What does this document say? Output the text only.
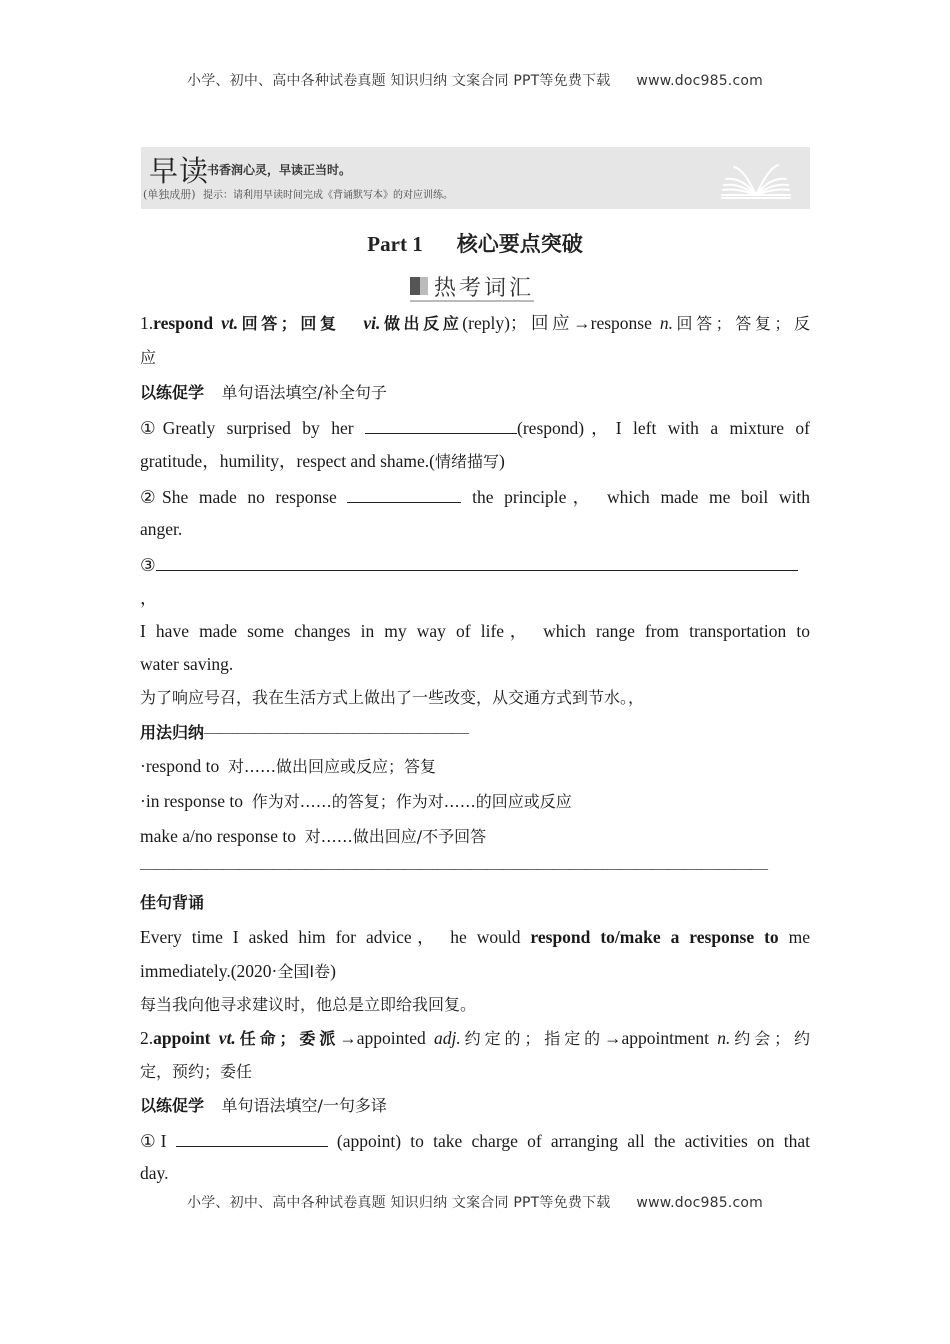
小学、初中、高中各种试卷真题 知识归纳 文案合同 PPT等免费下载 www.doc985.com
早读
书香润心灵，早读正当时。
(单独成册) 提示：请利用早读时间完成《背诵默写本》的对应训练。
Part 1 核心要点突破
热考词汇
1.respond vt.回答；回复 vi.做出反应(reply)；回应→response n.回答；答复；反
应
以练促学 单句语法填空/补全句子
①Greatly surprised by her	(respond)，I left with a mixture of
gratitude，humility，respect and shame.(情绪描写)
②She made no response	the principle， which made me boil with
anger.
③
，
I have made some changes in my way of life， which range from transportation to
water saving.
为了响应号召，我在生活方式上做出了一些改变，从交通方式到节水。，
用法归纳————————————————
·respond to 对……做出回应或反应；答复
·in response to 作为对……的答复；作为对……的回应或反应
make a/no response to 对……做出回应/不予回答
——————————————————————————————————————
佳句背诵
Every time I asked him for advice， he would respond to/make a response to me
immediately.(2020·全国Ⅰ卷)
每当我向他寻求建议时，他总是立即给我回复。
2.appoint vt.任命；委派→appointed adj.约定的；指定的→appointment n.约会；约
定，预约；委任
以练促学 单句语法填空/一句多译
①I	(appoint) to take charge of arranging all the activities on that
day.
小学、初中、高中各种试卷真题 知识归纳 文案合同 PPT等免费下载 www.doc985.com
